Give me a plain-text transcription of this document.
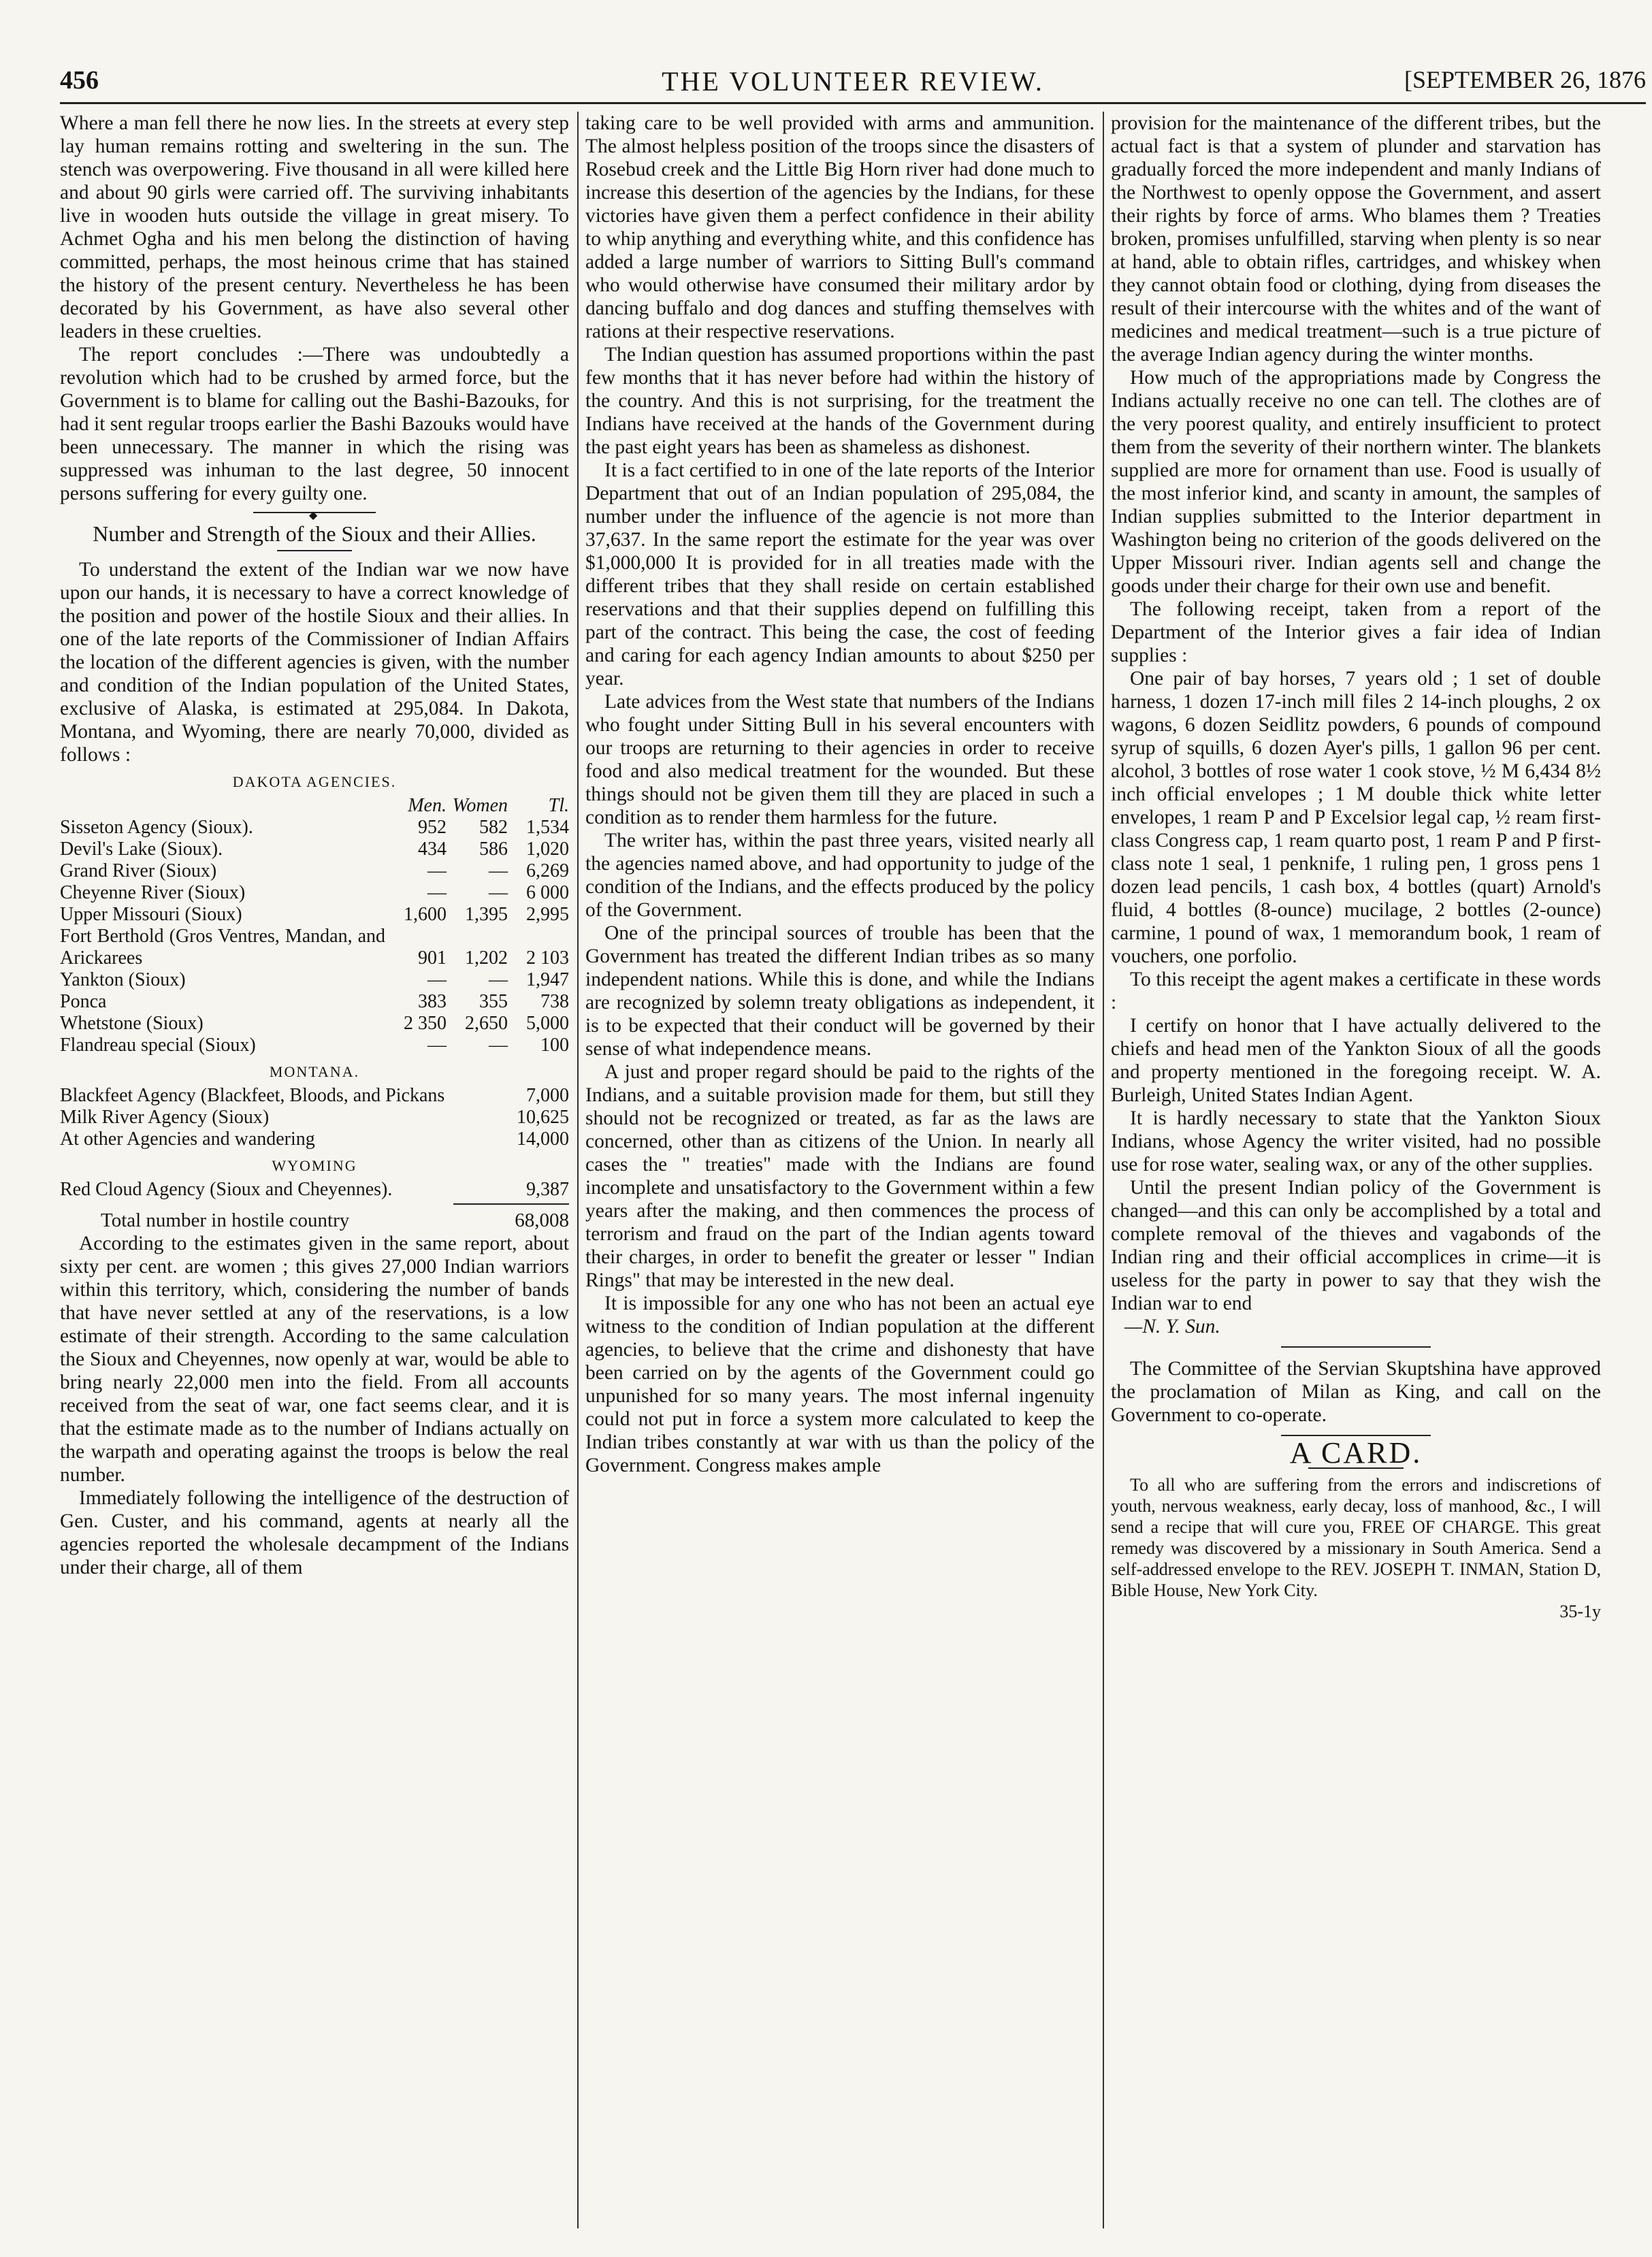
456	THE VOLUNTEER REVIEW.	[SEPTEMBER 26, 1876

Where a man fell there he now lies. In the streets at every step lay human remains rotting and sweltering in the sun. The stench was overpowering. Five thousand in all were killed here and about 90 girls were carried off. The surviving inhabitants live in wooden huts outside the village in great misery. To Achmet Ogha and his men belong the distinction of having committed, perhaps, the most heinous crime that has stained the history of the present century. Nevertheless he has been decorated by his Government, as have also several other leaders in these cruelties.

The report concludes :—There was undoubtedly a revolution which had to be crushed by armed force, but the Government is to blame for calling out the Bashi-Bazouks, for had it sent regular troops earlier the Bashi Bazouks would have been unnecessary. The manner in which the rising was suppressed was inhuman to the last degree, 50 innocent persons suffering for every guilty one.

◆
Number and Strength of the Sioux and their Allies.

To understand the extent of the Indian war we now have upon our hands, it is necessary to have a correct knowledge of the position and power of the hostile Sioux and their allies. In one of the late reports of the Commissioner of Indian Affairs the location of the different agencies is given, with the number and condition of the Indian population of the United States, exclusive of Alaska, is estimated at 295,084. In Dakota, Montana, and Wyoming, there are nearly 70,000, divided as follows :

DAKOTA AGENCIES.
	Men.	Women	Tl.
Sisseton Agency (Sioux).	952	582	1,534
Devil's Lake (Sioux).	434	586	1,020
Grand River (Sioux)	—	—	6,269
Cheyenne River (Sioux)	—	—	6 000
Upper Missouri (Sioux)	1,600	1,395	2,995
Fort Berthold (Gros Ventres, Mandan, and Arickarees	901	1,202	2 103
Yankton (Sioux)	—	—	1,947
Ponca	383	355	738
Whetstone (Sioux)	2 350	2,650	5,000
Flandreau special (Sioux)	—	—	100
MONTANA.
Blackfeet Agency (Blackfeet, Bloods, and Pickans	7,000
Milk River Agency (Sioux)	10,625
At other Agencies and wandering	14,000
WYOMING
Red Cloud Agency (Sioux and Cheyennes).	9,387
Total number in hostile country	68,008

According to the estimates given in the same report, about sixty per cent. are women ; this gives 27,000 Indian warriors within this territory, which, considering the number of bands that have never settled at any of the reservations, is a low estimate of their strength. According to the same calculation the Sioux and Cheyennes, now openly at war, would be able to bring nearly 22,000 men into the field. From all accounts received from the seat of war, one fact seems clear, and it is that the estimate made as to the number of Indians actually on the warpath and operating against the troops is below the real number.

Immediately following the intelligence of the destruction of Gen. Custer, and his command, agents at nearly all the agencies reported the wholesale decampment of the Indians under their charge, all of them

taking care to be well provided with arms and ammunition. The almost helpless position of the troops since the disasters of Rosebud creek and the Little Big Horn river had done much to increase this desertion of the agencies by the Indians, for these victories have given them a perfect confidence in their ability to whip anything and everything white, and this confidence has added a large number of warriors to Sitting Bull's command who would otherwise have consumed their military ardor by dancing buffalo and dog dances and stuffing themselves with rations at their respective reservations.

The Indian question has assumed proportions within the past few months that it has never before had within the history of the country. And this is not surprising, for the treatment the Indians have received at the hands of the Government during the past eight years has been as shameless as dishonest.

It is a fact certified to in one of the late reports of the Interior Department that out of an Indian population of 295,084, the number under the influence of the agencie is not more than 37,637. In the same report the estimate for the year was over $1,000,000 It is provided for in all treaties made with the different tribes that they shall reside on certain established reservations and that their supplies depend on fulfilling this part of the contract. This being the case, the cost of feeding and caring for each agency Indian amounts to about $250 per year.

Late advices from the West state that numbers of the Indians who fought under Sitting Bull in his several encounters with our troops are returning to their agencies in order to receive food and also medical treatment for the wounded. But these things should not be given them till they are placed in such a condition as to render them harmless for the future.

The writer has, within the past three years, visited nearly all the agencies named above, and had opportunity to judge of the condition of the Indians, and the effects produced by the policy of the Government.

One of the principal sources of trouble has been that the Government has treated the different Indian tribes as so many independent nations. While this is done, and while the Indians are recognized by solemn treaty obligations as independent, it is to be expected that their conduct will be governed by their sense of what independence means.

A just and proper regard should be paid to the rights of the Indians, and a suitable provision made for them, but still they should not be recognized or treated, as far as the laws are concerned, other than as citizens of the Union. In nearly all cases the " treaties" made with the Indians are found incomplete and unsatisfactory to the Government within a few years after the making, and then commences the process of terrorism and fraud on the part of the Indian agents toward their charges, in order to benefit the greater or lesser " Indian Rings" that may be interested in the new deal.

It is impossible for any one who has not been an actual eye witness to the condition of Indian population at the different agencies, to believe that the crime and dishonesty that have been carried on by the agents of the Government could go unpunished for so many years. The most infernal ingenuity could not put in force a system more calculated to keep the Indian tribes constantly at war with us than the policy of the Government. Congress makes ample

provision for the maintenance of the different tribes, but the actual fact is that a system of plunder and starvation has gradually forced the more independent and manly Indians of the Northwest to openly oppose the Government, and assert their rights by force of arms. Who blames them ? Treaties broken, promises unfulfilled, starving when plenty is so near at hand, able to obtain rifles, cartridges, and whiskey when they cannot obtain food or clothing, dying from diseases the result of their intercourse with the whites and of the want of medicines and medical treatment—such is a true picture of the average Indian agency during the winter months.

How much of the appropriations made by Congress the Indians actually receive no one can tell. The clothes are of the very poorest quality, and entirely insufficient to protect them from the severity of their northern winter. The blankets supplied are more for ornament than use. Food is usually of the most inferior kind, and scanty in amount, the samples of Indian supplies submitted to the Interior department in Washington being no criterion of the goods delivered on the Upper Missouri river. Indian agents sell and change the goods under their charge for their own use and benefit.

The following receipt, taken from a report of the Department of the Interior gives a fair idea of Indian supplies :

One pair of bay horses, 7 years old ; 1 set of double harness, 1 dozen 17-inch mill files 2 14-inch ploughs, 2 ox wagons, 6 dozen Seidlitz powders, 6 pounds of compound syrup of squills, 6 dozen Ayer's pills, 1 gallon 96 per cent. alcohol, 3 bottles of rose water 1 cook stove, ½ M 6,434 8½ inch official envelopes ; 1 M double thick white letter envelopes, 1 ream P and P Excelsior legal cap, ½ ream first-class Congress cap, 1 ream quarto post, 1 ream P and P first-class note 1 seal, 1 penknife, 1 ruling pen, 1 gross pens 1 dozen lead pencils, 1 cash box, 4 bottles (quart) Arnold's fluid, 4 bottles (8-ounce) mucilage, 2 bottles (2-ounce) carmine, 1 pound of wax, 1 memorandum book, 1 ream of vouchers, one porfolio.

To this receipt the agent makes a certificate in these words :

I certify on honor that I have actually delivered to the chiefs and head men of the Yankton Sioux of all the goods and property mentioned in the foregoing receipt. W. A. Burleigh, United States Indian Agent.

It is hardly necessary to state that the Yankton Sioux Indians, whose Agency the writer visited, had no possible use for rose water, sealing wax, or any of the other supplies.

Until the present Indian policy of the Government is changed—and this can only be accomplished by a total and complete removal of the thieves and vagabonds of the Indian ring and their official accomplices in crime—it is useless for the party in power to say that they wish the Indian war to end

—N. Y. Sun.

The Committee of the Servian Skuptshina have approved the proclamation of Milan as King, and call on the Government to co-operate.

A CARD.

To all who are suffering from the errors and indiscretions of youth, nervous weakness, early decay, loss of manhood, &c., I will send a recipe that will cure you, FREE OF CHARGE. This great remedy was discovered by a missionary in South America. Send a self-addressed envelope to the REV. JOSEPH T. INMAN, Station D, Bible House, New York City.

35-1y
